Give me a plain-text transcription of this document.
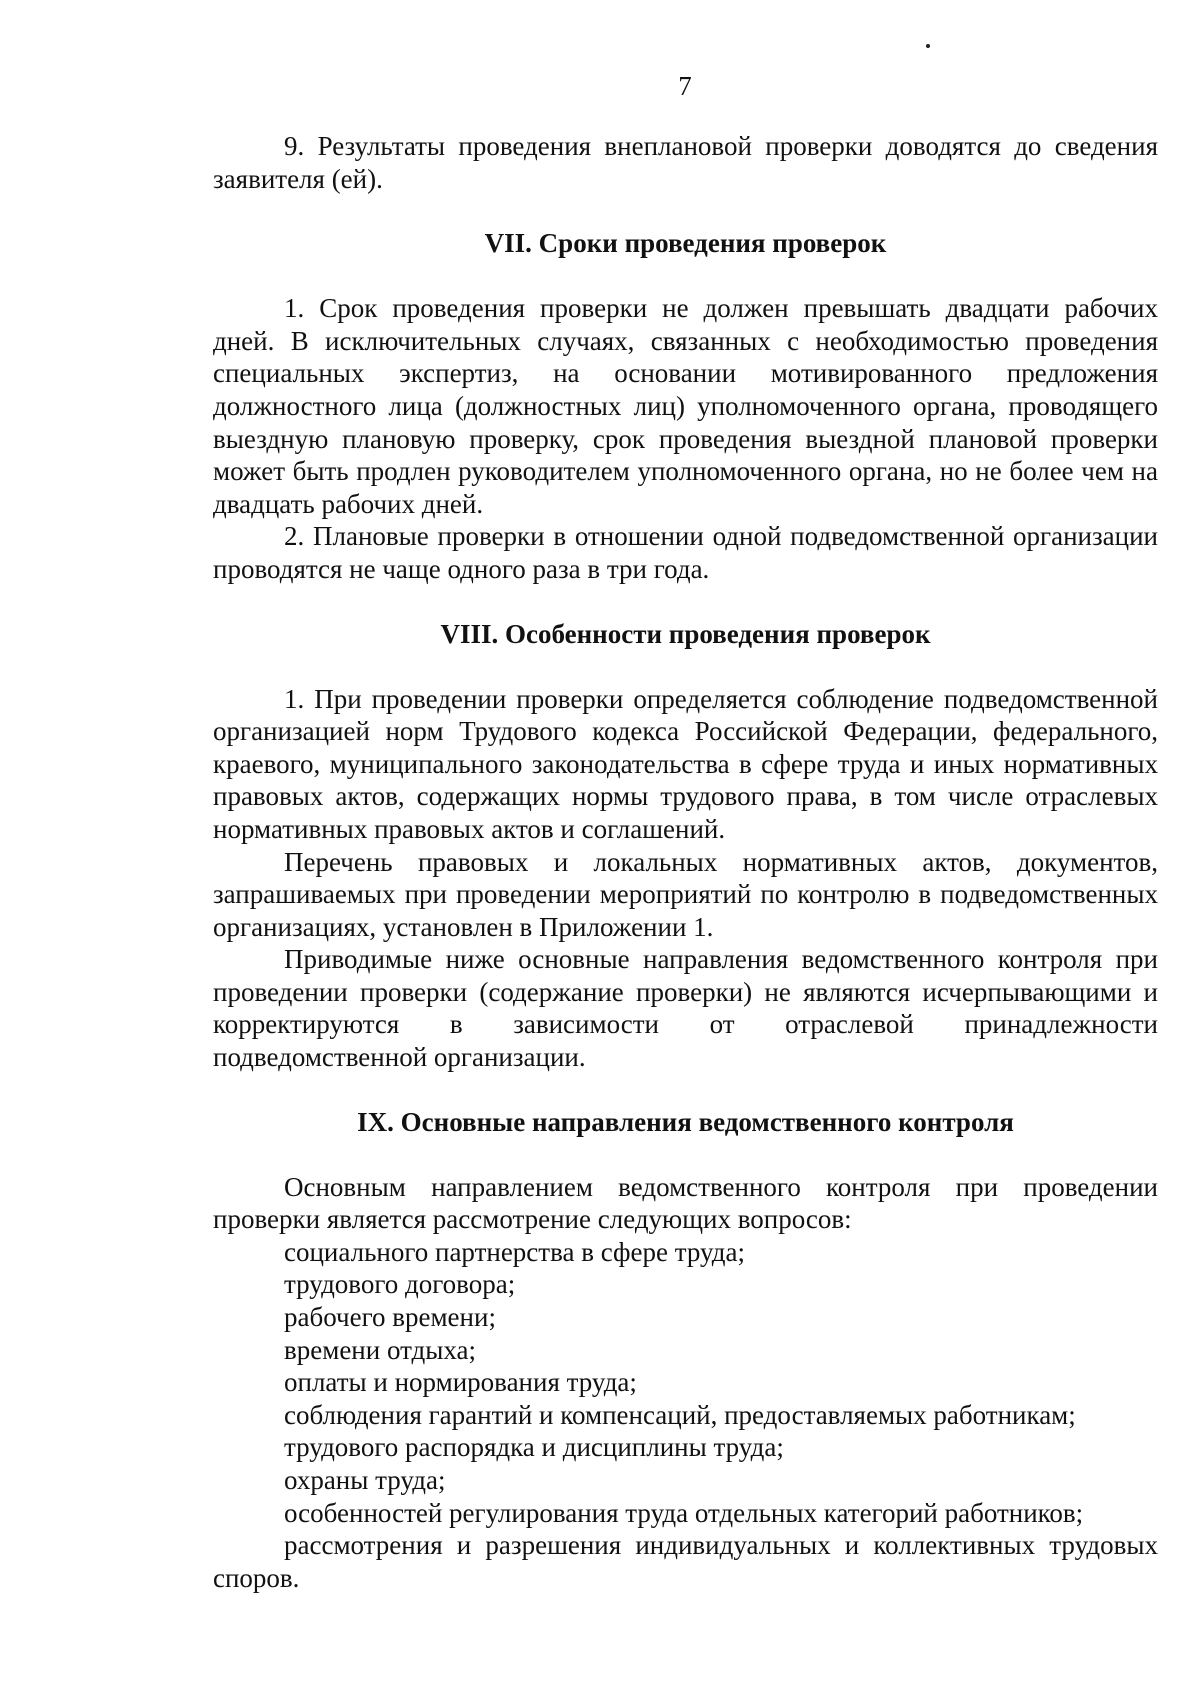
7

9. Результаты проведения внеплановой проверки доводятся до сведения заявителя (ей).

VII. Сроки проведения проверок

1. Срок проведения проверки не должен превышать двадцати рабочих дней. В исключительных случаях, связанных с необходимостью проведения специальных экспертиз, на основании мотивированного предложения должностного лица (должностных лиц) уполномоченного органа, проводящего выездную плановую проверку, срок проведения выездной плановой проверки может быть продлен руководителем уполномоченного органа, но не более чем на двадцать рабочих дней.

2. Плановые проверки в отношении одной подведомственной организации проводятся не чаще одного раза в три года.

VIII. Особенности проведения проверок

1. При проведении проверки определяется соблюдение подведомственной организацией норм Трудового кодекса Российской Федерации, федерального, краевого, муниципального законодательства в сфере труда и иных нормативных правовых актов, содержащих нормы трудового права, в том числе отраслевых нормативных правовых актов и соглашений.

Перечень правовых и локальных нормативных актов, документов, запрашиваемых при проведении мероприятий по контролю в подведомственных организациях, установлен в Приложении 1.

Приводимые ниже основные направления ведомственного контроля при проведении проверки (содержание проверки) не являются исчерпывающими и корректируются в зависимости от отраслевой принадлежности подведомственной организации.

IX. Основные направления ведомственного контроля

Основным направлением ведомственного контроля при проведении проверки является рассмотрение следующих вопросов:

социального партнерства в сфере труда;

трудового договора;

рабочего времени;

времени отдыха;

оплаты и нормирования труда;

соблюдения гарантий и компенсаций, предоставляемых работникам;

трудового распорядка и дисциплины труда;

охраны труда;

особенностей регулирования труда отдельных категорий работников;

рассмотрения и разрешения индивидуальных и коллективных трудовых споров.
